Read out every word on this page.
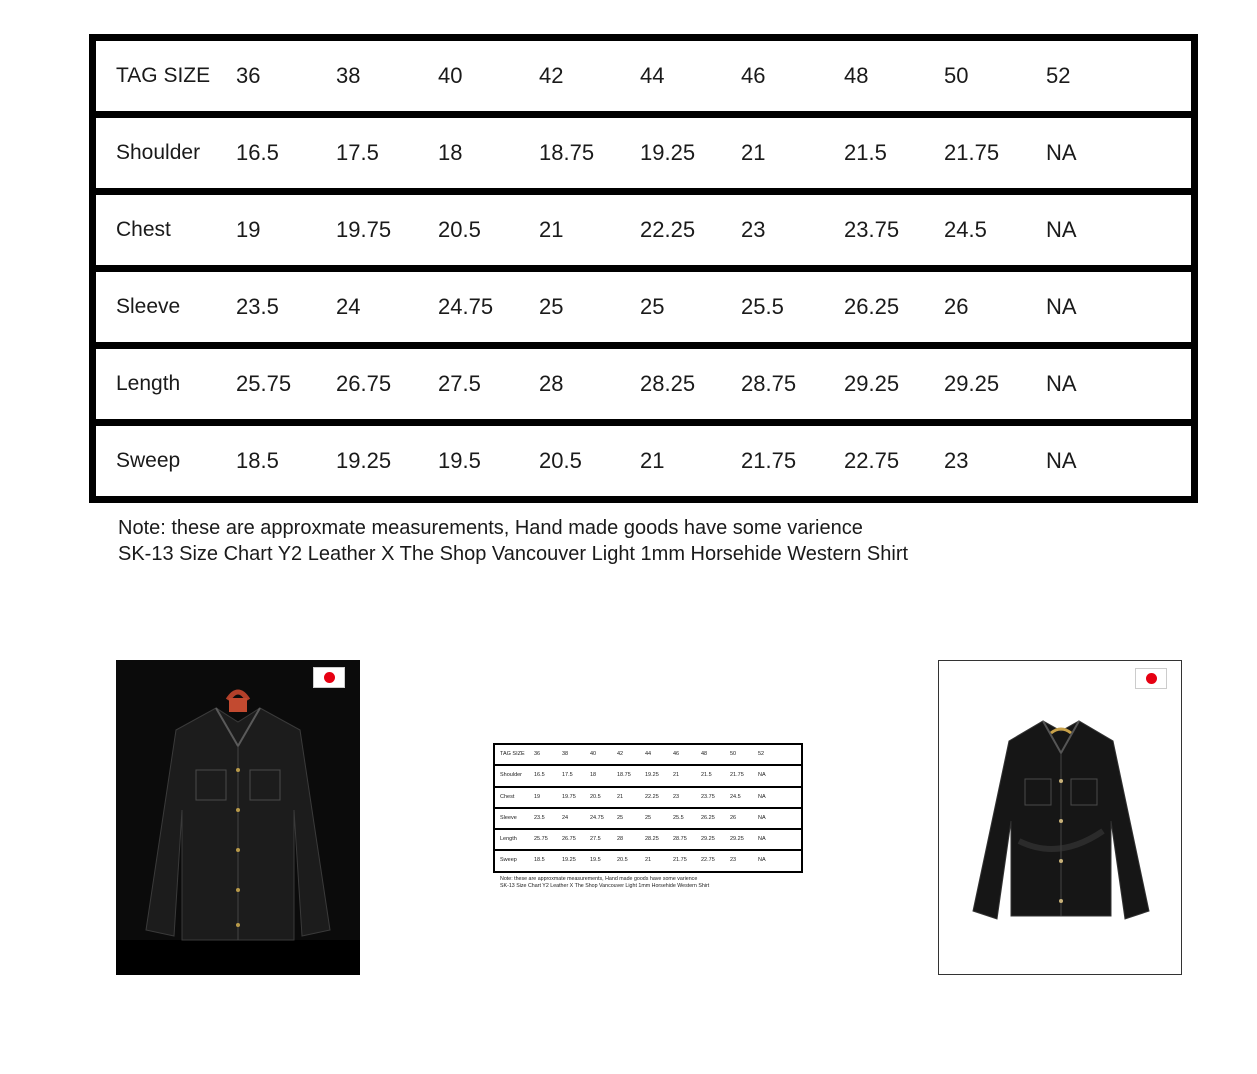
TAG SIZE 36	38	40	42	44	46	48	50	52
Shoulder 16.5	17.5	18	18.75 19.25 21	21.5	21.75 NA
Chest	19	19.75 20.5	21	22.25 23	23.75 24.5	NA
Sleeve	23.5	24	24.75 25	25	25.5	26.25 26	NA
Length	25.75 26.75 27.5	28	28.25 28.75 29.25 29.25 NA
Sweep	18.5	19.25 19.5	20.5	21	21.75 22.75 23	NA
Note: these are approxmate measurements, Hand made goods have some varience
SK-13 Size Chart Y2 Leather X The Shop Vancouver Light 1mm Horsehide Western Shirt
TAG SIZE 36	38	40	42	44	46	48	50	52
Shoulder 16.5	17.5	18	18.75	19.25	21	21.5	21.75	NA
Chest	19	19.75	20.5	21	22.25	23	23.75	24.5	NA
Sleeve	23.5	24	24.75 25	25	25.5	26.25	26	NA
Length	25.75	26.75	27.5	28	28.25	28.75	29.25	29.25	NA
Sweep	18.5	19.25	19.5	20.5	21	21.75	22.75	23	NA
Note: these are approxmate measurements, Hand made goods have some varience
SK-13 Size Chart Y2 Leather X The Shop Vancouver Light 1mm Horsehide Western Shirt
